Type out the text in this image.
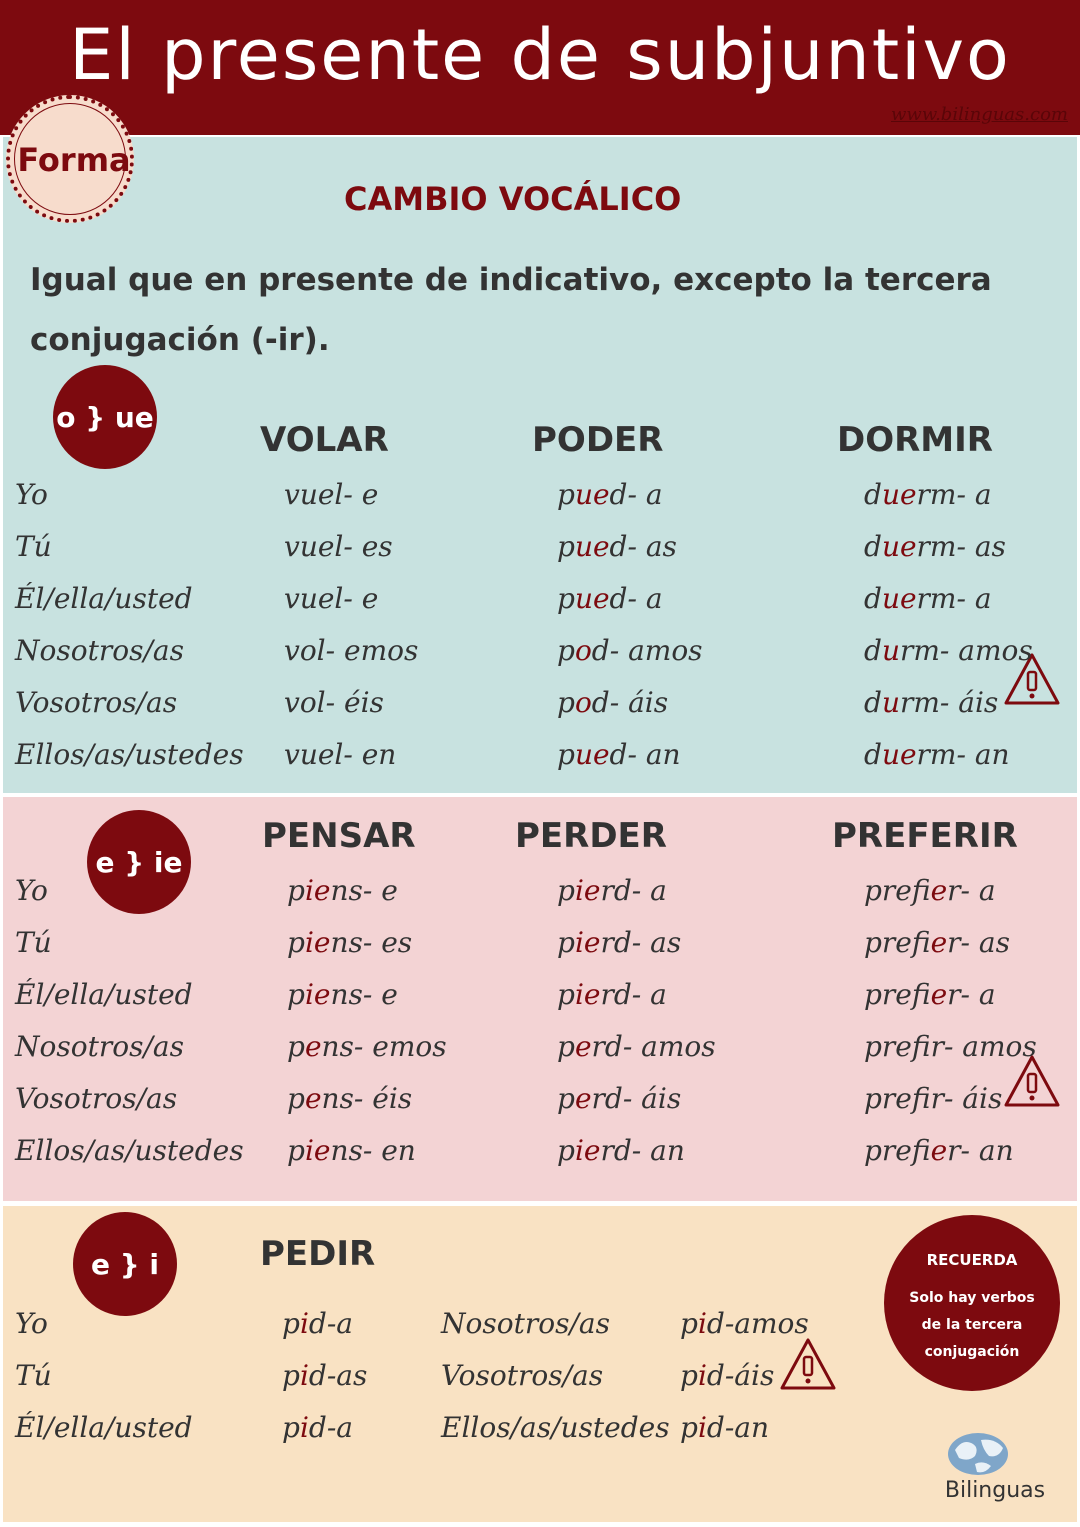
El presente de subjuntivo
www.bilinguas.com
Forma
CAMBIO VOCÁLICO
Igual que en presente de indicativo, excepto la tercera conjugación (-ir).
o } ue
VOLAR	PODER	DORMIR
e } ie
PENSAR	PERDER	PREFERIR
e } i	PEDIR	RECUERDA
Solo hay verbos de la tercera conjugación
Bilinguas
Yo	vuel- e	pued- a	duerm- a
Tú	vuel- es	pued- as	duerm- as
Él/ella/usted	vuel- e	pued- a	duerm- a
Nosotros/as	vol- emos	pod- amos	durm- amos
Vosotros/as	vol- éis	pod- áis	durm- áis
Ellos/as/ustedes vuel- en	pued- an	duerm- an
Yo	piens- e	pierd- a	prefier- a
Tú	piens- es	pierd- as	prefier- as
Él/ella/usted	piens- e	pierd- a	prefier- a
Nosotros/as	pens- emos	perd- amos	prefr- amos
Vosotros/as	pens- éis	perd- áis	prefr- áis
Ellos/as/ustedes piens- en	pierd- an	prefier- an
Yo	pid-a	Nosotros/as	pid-amos
Tú	pid-as	Vosotros/as	pid-áis
Él/ella/usted	pid-a	Ellos/as/ustedes pid-an
